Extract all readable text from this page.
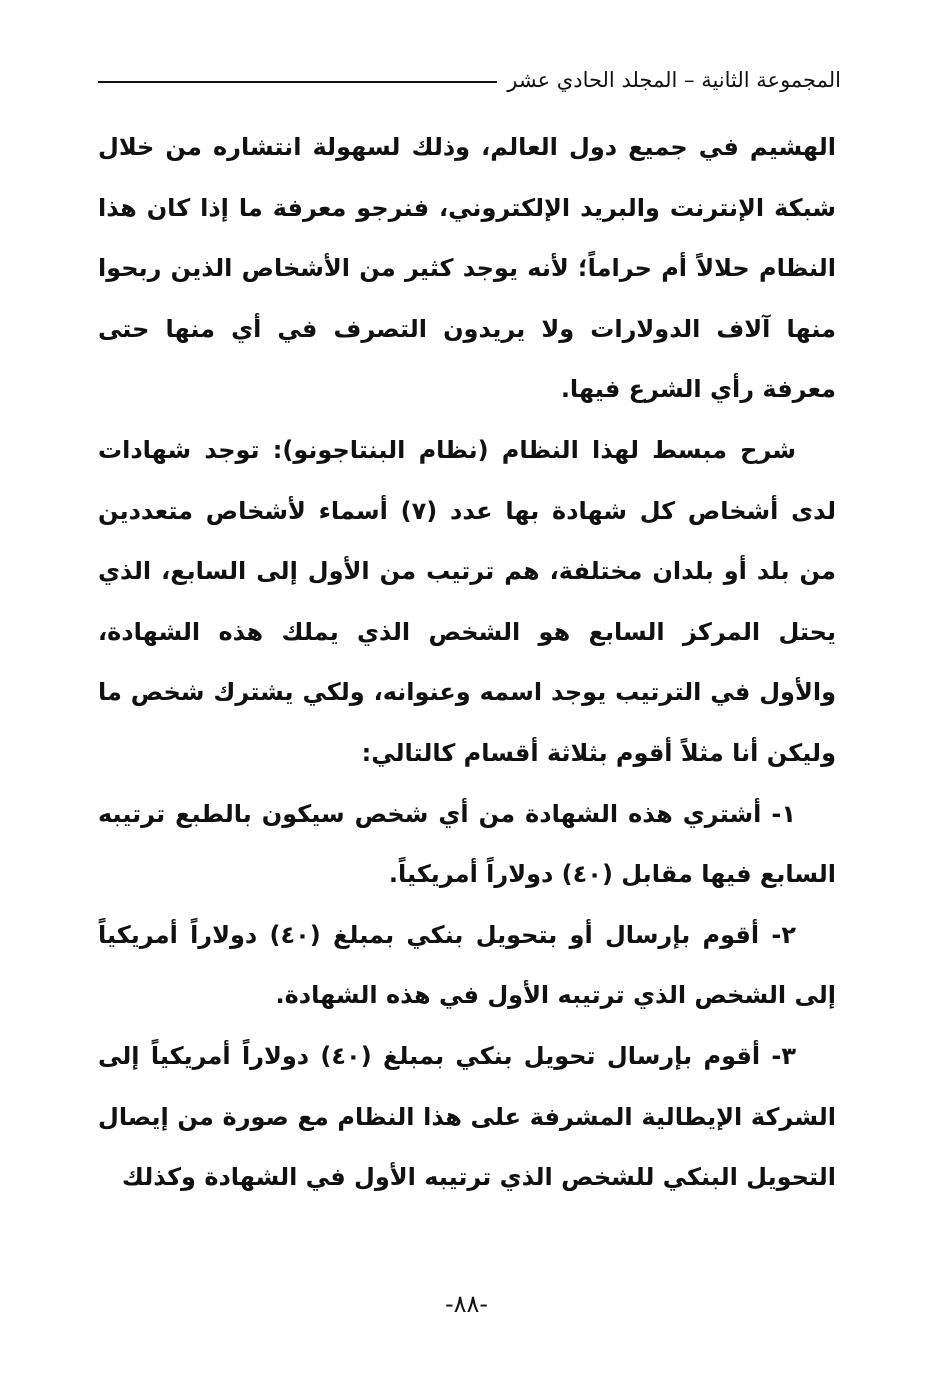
المجموعة الثانية – المجلد الحادي عشر

الهشيم في جميع دول العالم، وذلك لسهولة انتشاره من خلال شبكة الإنترنت والبريد الإلكتروني، فنرجو معرفة ما إذا كان هذا النظام حلالاً أم حراماً؛ لأنه يوجد كثير من الأشخاص الذين ربحوا منها آلاف الدولارات ولا يريدون التصرف في أي منها حتى معرفة رأي الشرع فيها.

شرح مبسط لهذا النظام (نظام البنتاجونو): توجد شهادات لدى أشخاص كل شهادة بها عدد (٧) أسماء لأشخاص متعددين من بلد أو بلدان مختلفة، هم ترتيب من الأول إلى السابع، الذي يحتل المركز السابع هو الشخص الذي يملك هذه الشهادة، والأول في الترتيب يوجد اسمه وعنوانه، ولكي يشترك شخص ما وليكن أنا مثلاً أقوم بثلاثة أقسام كالتالي:

١- أشتري هذه الشهادة من أي شخص سيكون بالطبع ترتيبه السابع فيها مقابل (٤٠) دولاراً أمريكياً.

٢- أقوم بإرسال أو بتحويل بنكي بمبلغ (٤٠) دولاراً أمريكياً إلى الشخص الذي ترتيبه الأول في هذه الشهادة.

٣- أقوم بإرسال تحويل بنكي بمبلغ (٤٠) دولاراً أمريكياً إلى الشركة الإيطالية المشرفة على هذا النظام مع صورة من إيصال التحويل البنكي للشخص الذي ترتيبه الأول في الشهادة وكذلك

-٨٨-
